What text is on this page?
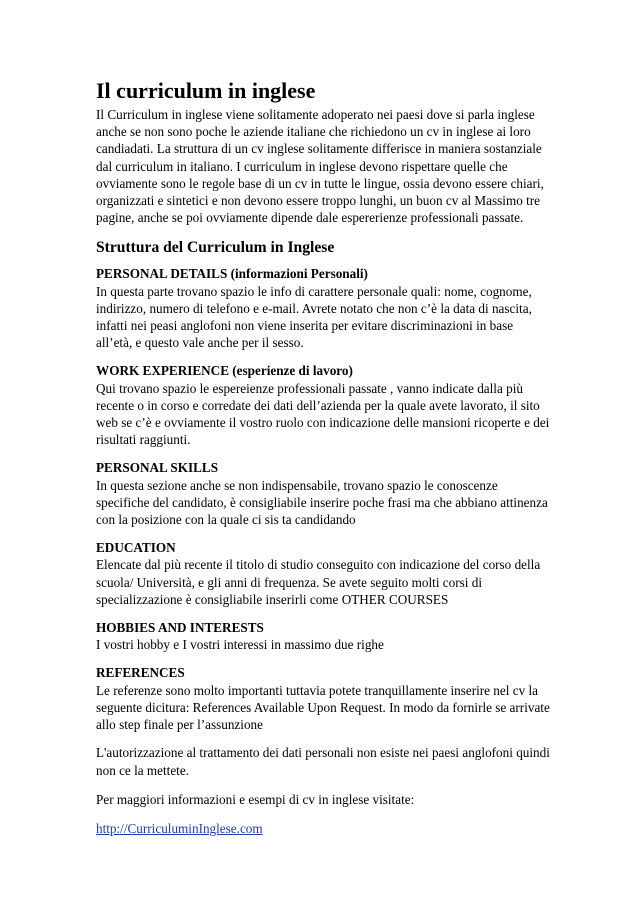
Il curriculum in inglese

Il Curriculum in inglese viene solitamente adoperato nei paesi dove si parla inglese
anche se non sono poche le aziende italiane che richiedono un cv in inglese ai loro
candiadati. La struttura di un cv inglese solitamente differisce in maniera sostanziale
dal curriculum in italiano. I curriculum in inglese devono rispettare quelle che
ovviamente sono le regole base di un cv in tutte le lingue, ossia devono essere chiari,
organizzati e sintetici e non devono essere troppo lunghi, un buon cv al Massimo tre
pagine, anche se poi ovviamente dipende dale espererienze professionali passate.

Struttura del Curriculum in Inglese
PERSONAL DETAILS (informazioni Personali)

In questa parte trovano spazio le info di carattere personale quali: nome, cognome,
indirizzo, numero di telefono e e-mail. Avrete notato che non c’è la data di nascita,
infatti nei peasi anglofoni non viene inserita per evitare discriminazioni in base
all’età, e questo vale anche per il sesso.

WORK EXPERIENCE (esperienze di lavoro)

Qui trovano spazio le espereienze professionali passate , vanno indicate dalla più
recente o in corso e corredate dei dati dell’azienda per la quale avete lavorato, il sito
web se c’è e ovviamente il vostro ruolo con indicazione delle mansioni ricoperte e dei
risultati raggiunti.

PERSONAL SKILLS

In questa sezione anche se non indispensabile, trovano spazio le conoscenze
specifiche del candidato, è consigliabile inserire poche frasi ma che abbiano attinenza
con la posizione con la quale ci sis ta candidando

EDUCATION

Elencate dal più recente il titolo di studio conseguito con indicazione del corso della
scuola/ Università, e gli anni di frequenza. Se avete seguito molti corsi di
specializzazione è consigliabile inserirli come OTHER COURSES

HOBBIES AND INTERESTS

I vostri hobby e I vostri interessi in massimo due righe

REFERENCES

Le referenze sono molto importanti tuttavia potete tranquillamente inserire nel cv la
seguente dicitura: References Available Upon Request. In modo da fornirle se arrivate
allo step finale per l’assunzione

L'autorizzazione al trattamento dei dati personali non esiste nei paesi anglofoni quindi
non ce la mettete.

Per maggiori informazioni e esempi di cv in inglese visitate:

http://CurriculuminInglese.com
